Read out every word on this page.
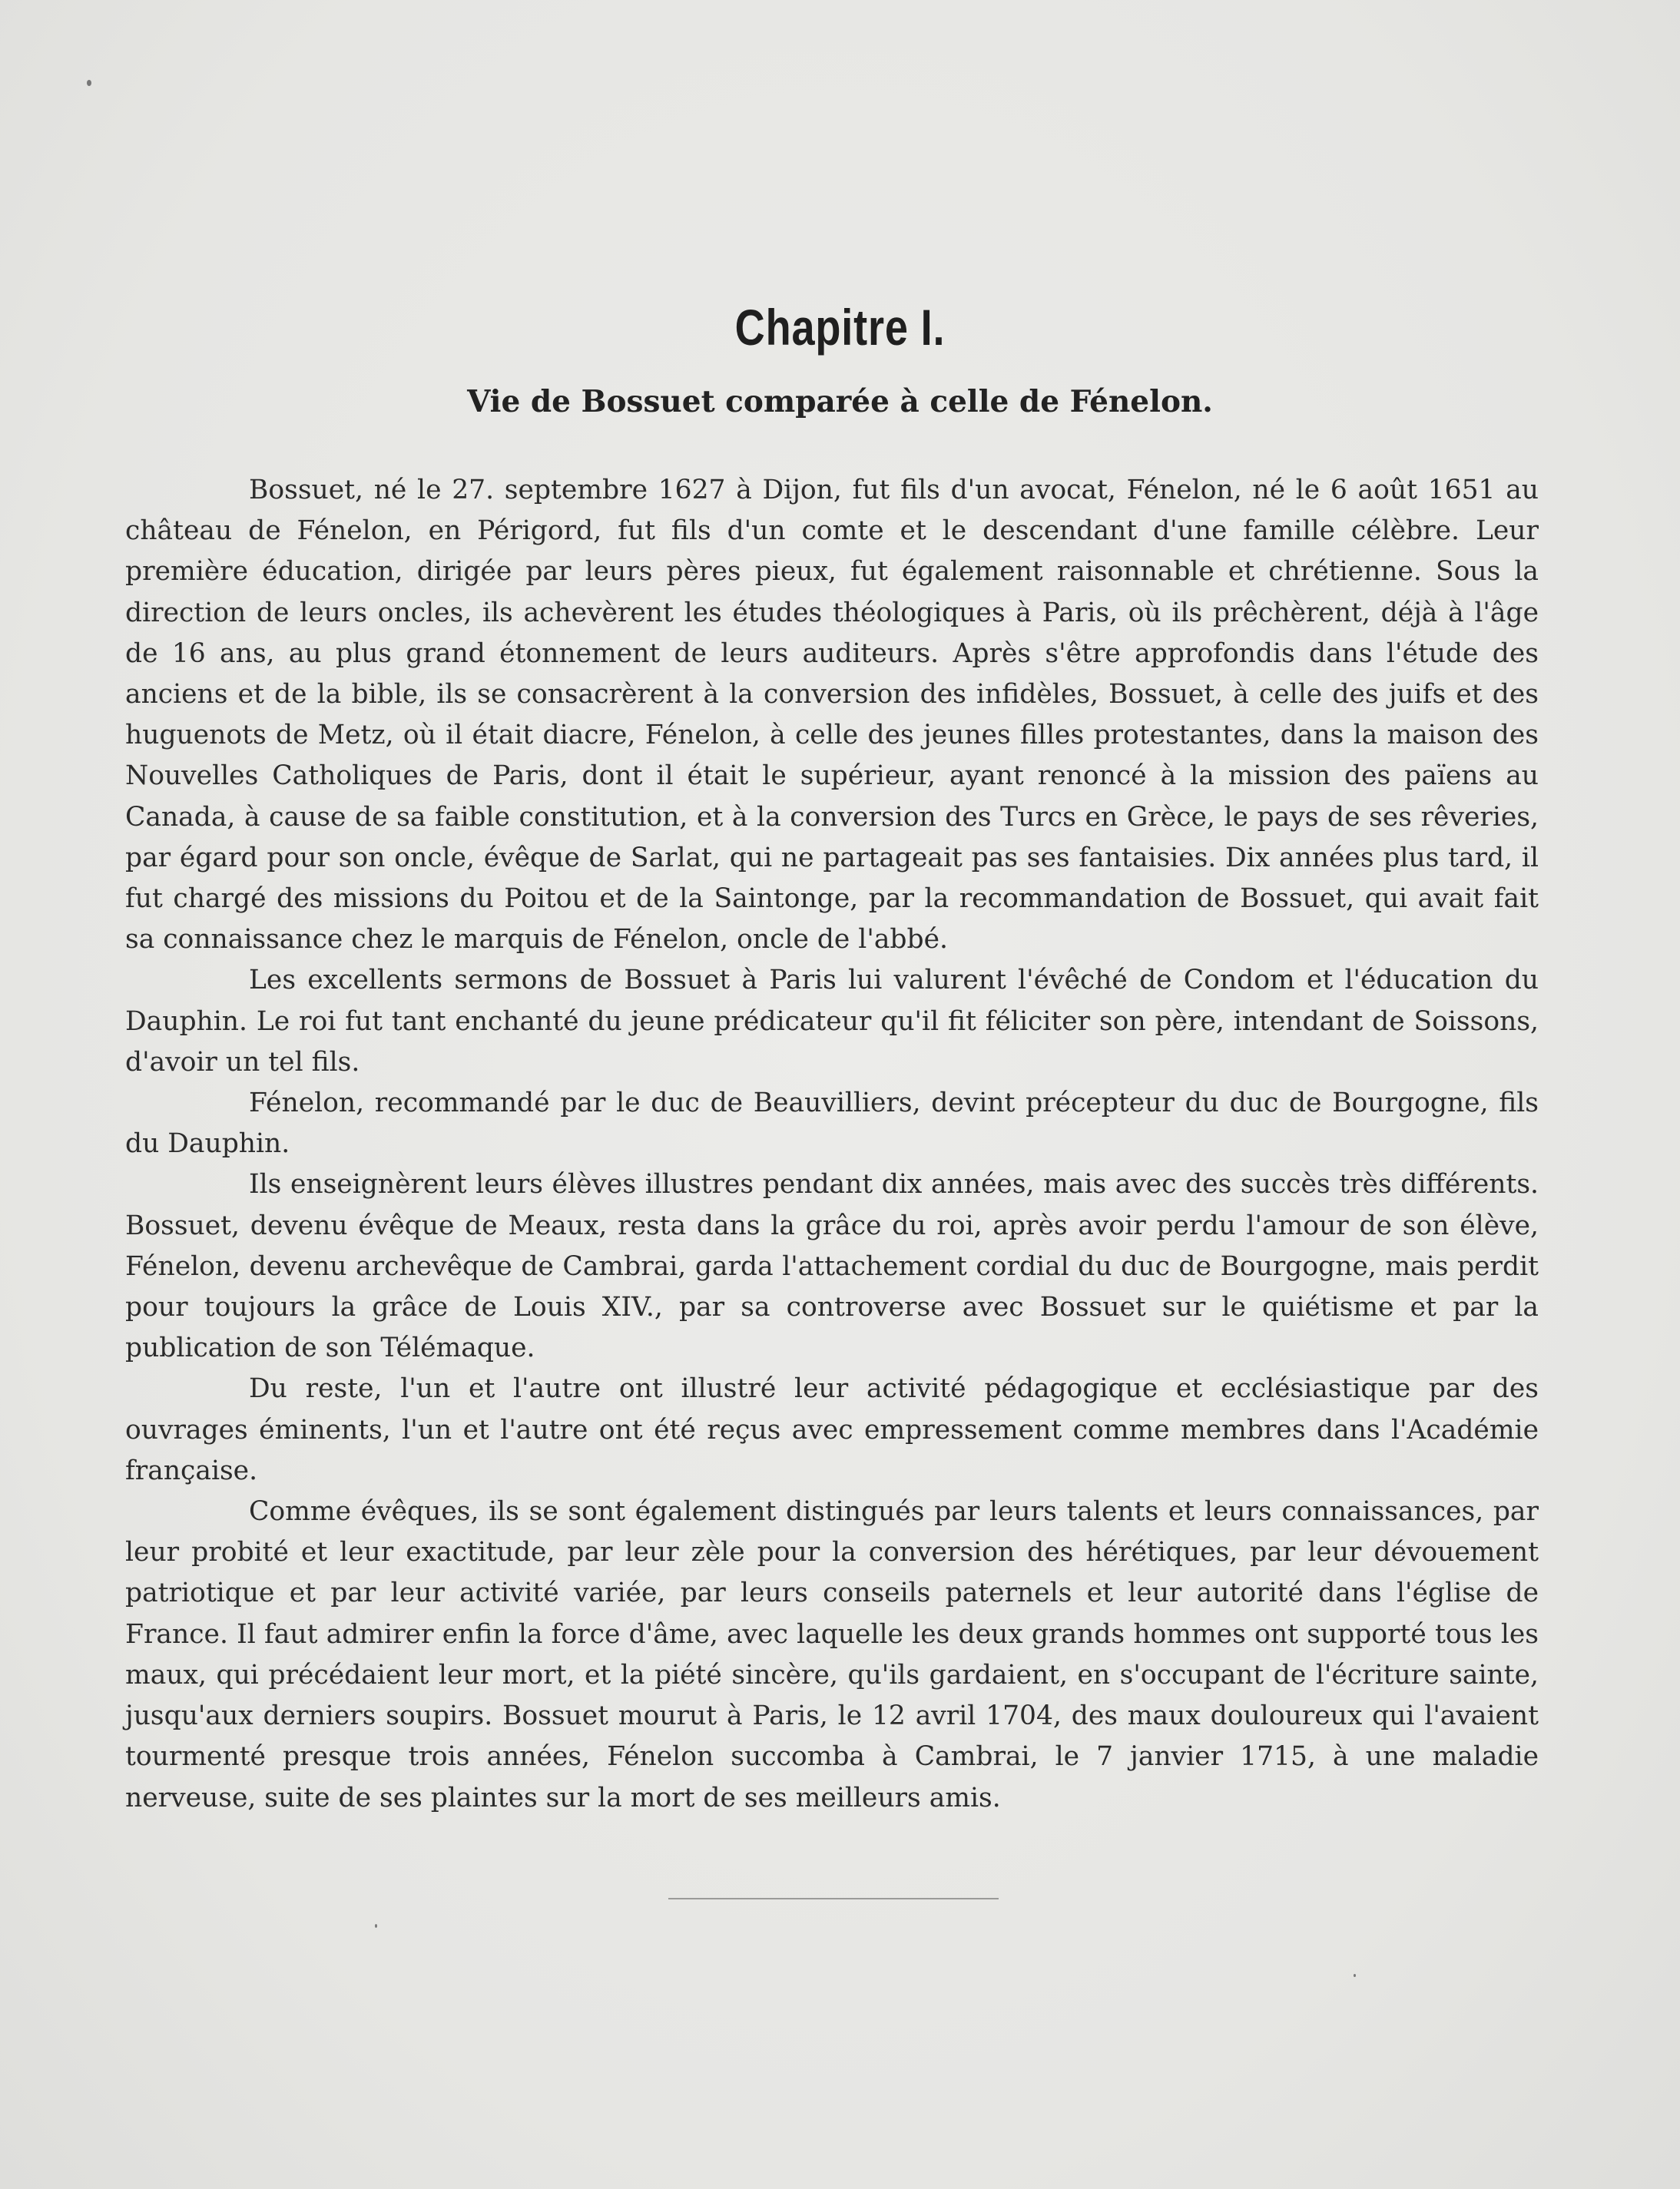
Chapitre I.
Vie de Bossuet comparée à celle de Fénelon.

Bossuet, né le 27. septembre 1627 à Dijon, fut fils d'un avocat, Fénelon, né le 6 août 1651 au château de Fénelon, en Périgord, fut fils d'un comte et le descendant d'une famille célèbre. Leur première éducation, dirigée par leurs pères pieux, fut également raisonnable et chrétienne. Sous la direction de leurs oncles, ils achevèrent les études théologiques à Paris, où ils prêchèrent, déjà à l'âge de 16 ans, au plus grand étonnement de leurs auditeurs. Après s'être approfondis dans l'étude des anciens et de la bible, ils se consacrèrent à la conversion des infidèles, Bossuet, à celle des juifs et des huguenots de Metz, où il était diacre, Fénelon, à celle des jeunes filles protestantes, dans la maison des Nouvelles Catholiques de Paris, dont il était le supérieur, ayant renoncé à la mission des païens au Canada, à cause de sa faible constitution, et à la conversion des Turcs en Grèce, le pays de ses rêveries, par égard pour son oncle, évêque de Sarlat, qui ne partageait pas ses fantaisies. Dix années plus tard, il fut chargé des missions du Poitou et de la Saintonge, par la recommandation de Bossuet, qui avait fait sa connaissance chez le marquis de Fénelon, oncle de l'abbé.

Les excellents sermons de Bossuet à Paris lui valurent l'évêché de Condom et l'éducation du Dauphin. Le roi fut tant enchanté du jeune prédicateur qu'il fit féliciter son père, intendant de Soissons, d'avoir un tel fils.

Fénelon, recommandé par le duc de Beauvilliers, devint précepteur du duc de Bourgogne, fils du Dauphin.

Ils enseignèrent leurs élèves illustres pendant dix années, mais avec des succès très différents. Bossuet, devenu évêque de Meaux, resta dans la grâce du roi, après avoir perdu l'amour de son élève, Fénelon, devenu archevêque de Cambrai, garda l'attachement cordial du duc de Bourgogne, mais perdit pour toujours la grâce de Louis XIV., par sa controverse avec Bossuet sur le quiétisme et par la publication de son Télémaque.

Du reste, l'un et l'autre ont illustré leur activité pédagogique et ecclésiastique par des ouvrages éminents, l'un et l'autre ont été reçus avec empressement comme membres dans l'Académie française.

Comme évêques, ils se sont également distingués par leurs talents et leurs connaissances, par leur probité et leur exactitude, par leur zèle pour la conversion des hérétiques, par leur dévouement patriotique et par leur activité variée, par leurs conseils paternels et leur autorité dans l'église de France. Il faut admirer enfin la force d'âme, avec laquelle les deux grands hommes ont supporté tous les maux, qui précédaient leur mort, et la piété sincère, qu'ils gardaient, en s'occupant de l'écriture sainte, jusqu'aux derniers soupirs. Bossuet mourut à Paris, le 12 avril 1704, des maux douloureux qui l'avaient tourmenté presque trois années, Fénelon succomba à Cambrai, le 7 janvier 1715, à une maladie nerveuse, suite de ses plaintes sur la mort de ses meilleurs amis.
